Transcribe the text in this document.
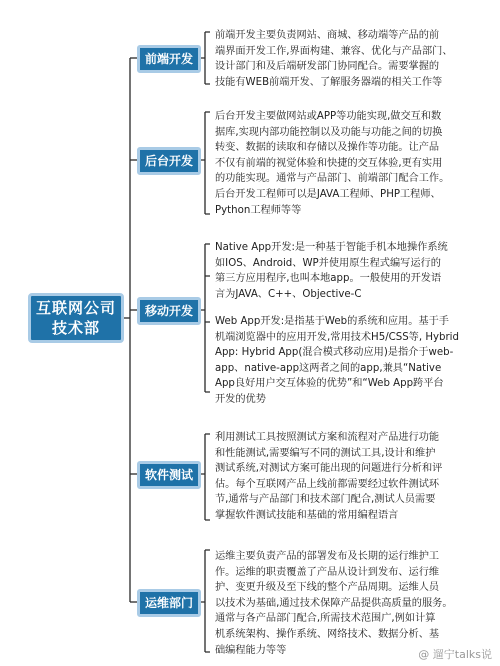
互联网公司
技术部
前端开发
后台开发
移动开发
软件测试
运维部门

前端开发主要负责网站、商城、移动端等产品的前
端界面开发工作,界面构建、兼容、优化与产品部门、
设计部门和及后端研发部门协同配合。需要掌握的
技能有WEB前端开发、了解服务器端的相关工作等

后台开发主要做网站或APP等功能实现,做交互和数
据库,实现内部功能控制以及功能与功能之间的切换
转变、数据的读取和存储以及操作等功能。让产品
不仅有前端的视觉体验和快捷的交互体验,更有实用
的功能实现。通常与产品部门、前端部门配合工作。
后台开发工程师可以是JAVA工程师、PHP工程师、
Python工程师等等

Native App开发:是一种基于智能手机本地操作系统
如IOS、Android、WP并使用原生程式编写运行的
第三方应用程序,也叫本地app。一般使用的开发语
言为JAVA、C++、Objective-C

Web App开发:是指基于Web的系统和应用。基于手
机端浏览器中的应用开发,常用技术H5/CSS等, Hybrid
App: Hybrid App(混合模式移动应用)是指介于web-
app、native-app这两者之间的app,兼具“Native
App良好用户交互体验的优势”和“Web App跨平台
开发的优势

利用测试工具按照测试方案和流程对产品进行功能
和性能测试,需要编写不同的测试工具,设计和维护
测试系统,对测试方案可能出现的问题进行分析和评
估。每个互联网产品上线前都需要经过软件测试环
节,通常与产品部门和技术部门配合,测试人员需要
掌握软件测试技能和基础的常用编程语言

运维主要负责产品的部署发布及长期的运行维护工
作。运维的职责覆盖了产品从设计到发布、运行维
护、变更升级及至下线的整个产品周期。运维人员
以技术为基础,通过技术保障产品提供高质量的服务。
通常与各产品部门配合,所需技术范围广,例如计算
机系统架构、操作系统、网络技术、数据分析、基
础编程能力等等	@ 遛宁talks说
